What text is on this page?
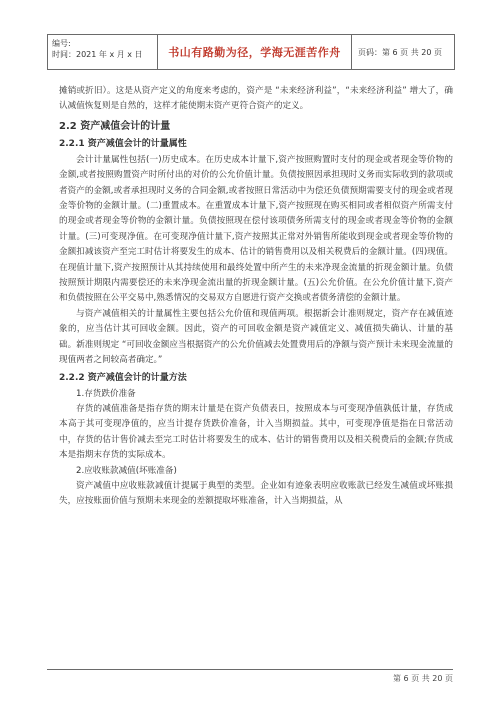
编号:
时间：2021 年 x 月 x 日	书山有路勤为径，学海无涯苦作舟	页码：第 6 页 共 20 页

摊销或折旧）。这是从资产定义的角度来考虑的，资产是 “未来经济利益”，“未来经济利益” 增大了，确认减值恢复则是自然的，这样才能使期末资产更符合资产的定义。

2.2 资产减值会计的计量
2.2.1 资产减值会计的计量属性

会计计量属性包括(一)历史成本。在历史成本计量下,资产按照购置时支付的现金或者现金等价物的金额,或者按照购置资产时所付出的对价的公允价值计量。负债按照因承担现时义务而实际收到的款项或者资产的金额,或者承担现时义务的合同金额,或者按照日常活动中为偿还负债预期需要支付的现金或者现金等价物的金额计量。(二)重置成本。在重置成本计量下,资产按照现在购买相同或者相似资产所需支付的现金或者现金等价物的金额计量。负债按照现在偿付该项债务所需支付的现金或者现金等价物的金额计量。(三)可变现净值。在可变现净值计量下,资产按照其正常对外销售所能收到现金或者现金等价物的金额扣减该资产至完工时估计将要发生的成本、估计的销售费用以及相关税费后的金额计量。(四)现值。在现值计量下,资产按照预计从其持续使用和最终处置中所产生的未来净现金流量的折现金额计量。负债按照预计期限内需要偿还的未来净现金流出量的折现金额计量。(五)公允价值。在公允价值计量下,资产和负债按照在公平交易中,熟悉情况的交易双方自愿进行资产交换或者债务清偿的金额计量。

与资产减值相关的计量属性主要包括公允价值和现值两项。根据新会计准则规定，资产存在减值迹象的，应当估计其可回收金额。因此，资产的可回收金额是资产减值定义、减值损失确认、计量的基础。新准则规定 “可回收金额应当根据资产的公允价值减去处置费用后的净额与资产预计未来现金流量的现值两者之间较高者确定。”

2.2.2 资产减值会计的计量方法

1.存货跌价准备

存货的减值准备是指存货的期末计量是在资产负债表日，按照成本与可变现净值孰低计量，存货成本高于其可变现净值的，应当计提存货跌价准备，计入当期损益。其中，可变现净值是指在日常活动中，存货的估计售价减去至完工时估计将要发生的成本、估计的销售费用以及相关税费后的金额;存货成本是指期末存货的实际成本。

2.应收账款减值(坏账准备)

资产减值中应收账款减值计提属于典型的类型。企业如有迹象表明应收账款已经发生减值或坏账损失，应按账面价值与预期未来现金的差额提取坏账准备，计入当期损益，从

第 6 页 共 20 页
